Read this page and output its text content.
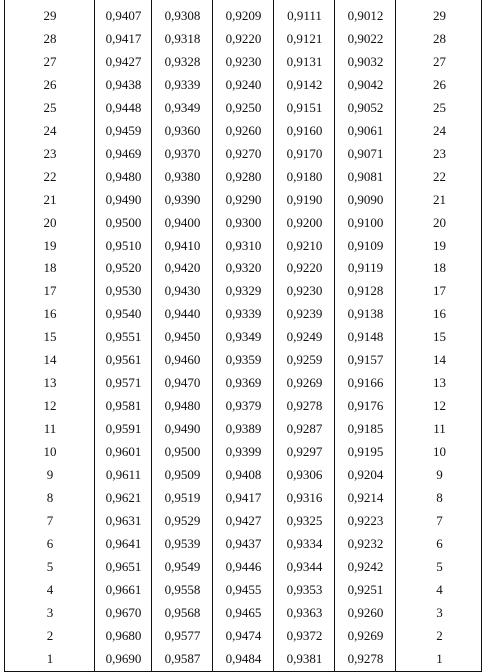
29	0,9407	0,9308	0,9209	0,9111	0,9012	29
28	0,9417	0,9318	0,9220	0,9121	0,9022	28
27	0,9427	0,9328	0,9230	0,9131	0,9032	27
26	0,9438	0,9339	0,9240	0,9142	0,9042	26
25	0,9448	0,9349	0,9250	0,9151	0,9052	25
24	0,9459	0,9360	0,9260	0,9160	0,9061	24
23	0,9469	0,9370	0,9270	0,9170	0,9071	23
22	0,9480	0,9380	0,9280	0,9180	0,9081	22
21	0,9490	0,9390	0,9290	0,9190	0,9090	21
20	0,9500	0,9400	0,9300	0,9200	0,9100	20
19	0,9510	0,9410	0,9310	0,9210	0,9109	19
18	0,9520	0,9420	0,9320	0,9220	0,9119	18
17	0,9530	0,9430	0,9329	0,9230	0,9128	17
16	0,9540	0,9440	0,9339	0,9239	0,9138	16
15	0,9551	0,9450	0,9349	0,9249	0,9148	15
14	0,9561	0,9460	0,9359	0,9259	0,9157	14
13	0,9571	0,9470	0,9369	0,9269	0,9166	13
12	0,9581	0,9480	0,9379	0,9278	0,9176	12
11	0,9591	0,9490	0,9389	0,9287	0,9185	11
10	0,9601	0,9500	0,9399	0,9297	0,9195	10
9	0,9611	0,9509	0,9408	0,9306	0,9204	9
8	0,9621	0,9519	0,9417	0,9316	0,9214	8
7	0,9631	0,9529	0,9427	0,9325	0,9223	7
6	0,9641	0,9539	0,9437	0,9334	0,9232	6
5	0,9651	0,9549	0,9446	0,9344	0,9242	5
4	0,9661	0,9558	0,9455	0,9353	0,9251	4
3	0,9670	0,9568	0,9465	0,9363	0,9260	3
2	0,9680	0,9577	0,9474	0,9372	0,9269	2
1	0,9690	0,9587	0,9484	0,9381	0,9278	1
